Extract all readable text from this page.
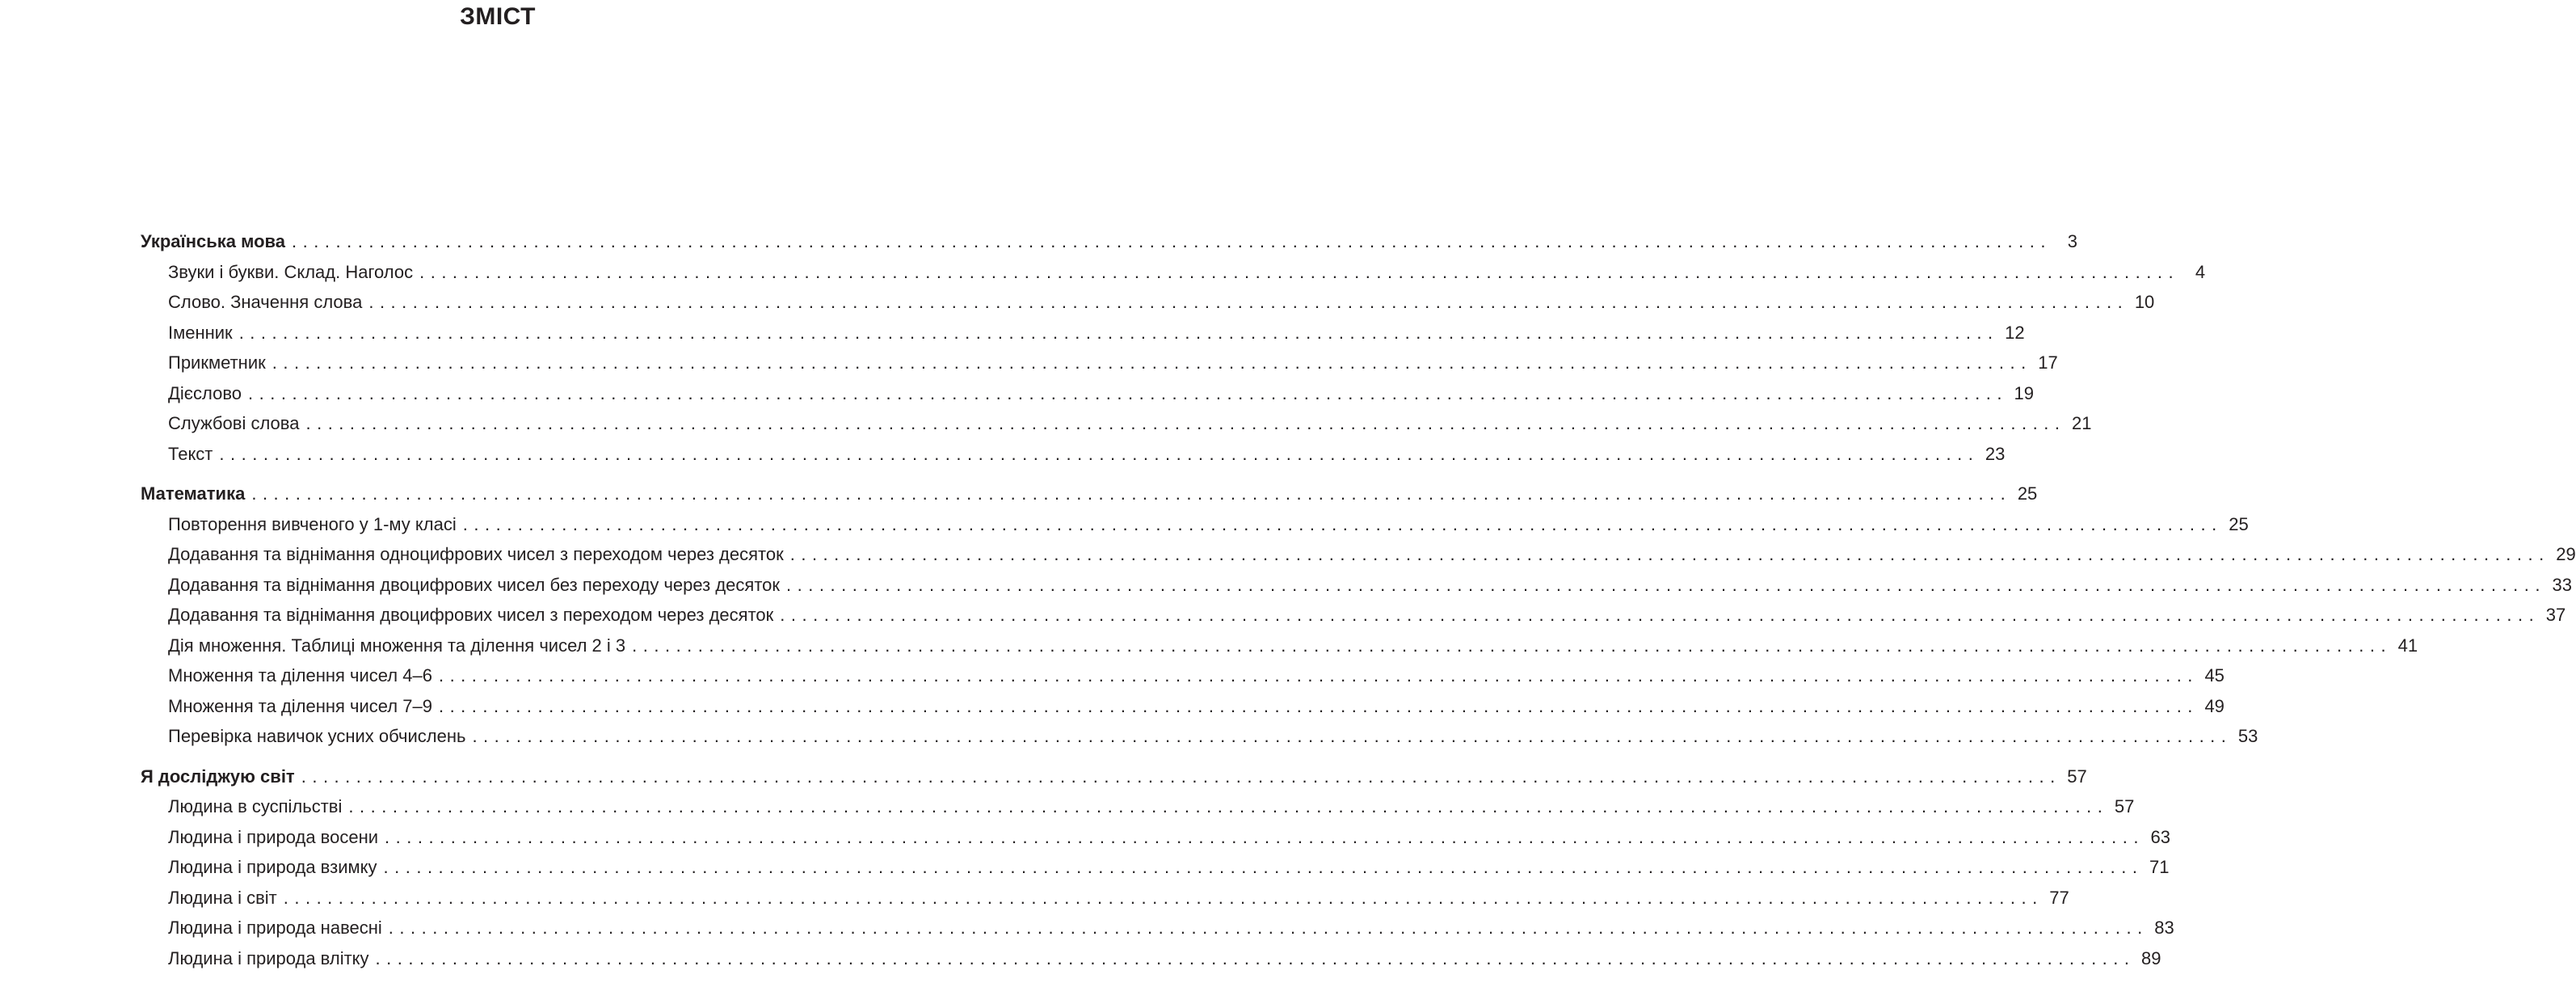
ЗМІСТ
Українська мова ................................................................................................................................................................ 3
Звуки і букви. Склад. Наголос ................................................................................................................................................................ 4
Слово. Значення слова ................................................................................................................................................................ 10
Іменник ................................................................................................................................................................ 12
Прикметник ................................................................................................................................................................ 17
Дієслово ................................................................................................................................................................ 19
Службові слова ................................................................................................................................................................ 21
Текст ................................................................................................................................................................ 23
Математика ................................................................................................................................................................ 25
Повторення вивченого у 1-му класі ................................................................................................................................................................ 25
Додавання та віднімання одноцифрових чисел з переходом через десяток ................................................................................................................................................................ 29
Додавання та віднімання двоцифрових чисел без переходу через десяток ................................................................................................................................................................ 33
Додавання та віднімання двоцифрових чисел з переходом через десяток ................................................................................................................................................................ 37
Дія множення. Таблиці множення та ділення чисел 2 і 3 ................................................................................................................................................................ 41
Множення та ділення чисел 4–6 ................................................................................................................................................................ 45
Множення та ділення чисел 7–9 ................................................................................................................................................................ 49
Перевірка навичок усних обчислень ................................................................................................................................................................ 53
Я досліджую світ ................................................................................................................................................................ 57
Людина в суспільстві ................................................................................................................................................................ 57
Людина і природа восени ................................................................................................................................................................ 63
Людина і природа взимку ................................................................................................................................................................ 71
Людина і світ ................................................................................................................................................................ 77
Людина і природа навесні ................................................................................................................................................................ 83
Людина і природа влітку ................................................................................................................................................................ 89
